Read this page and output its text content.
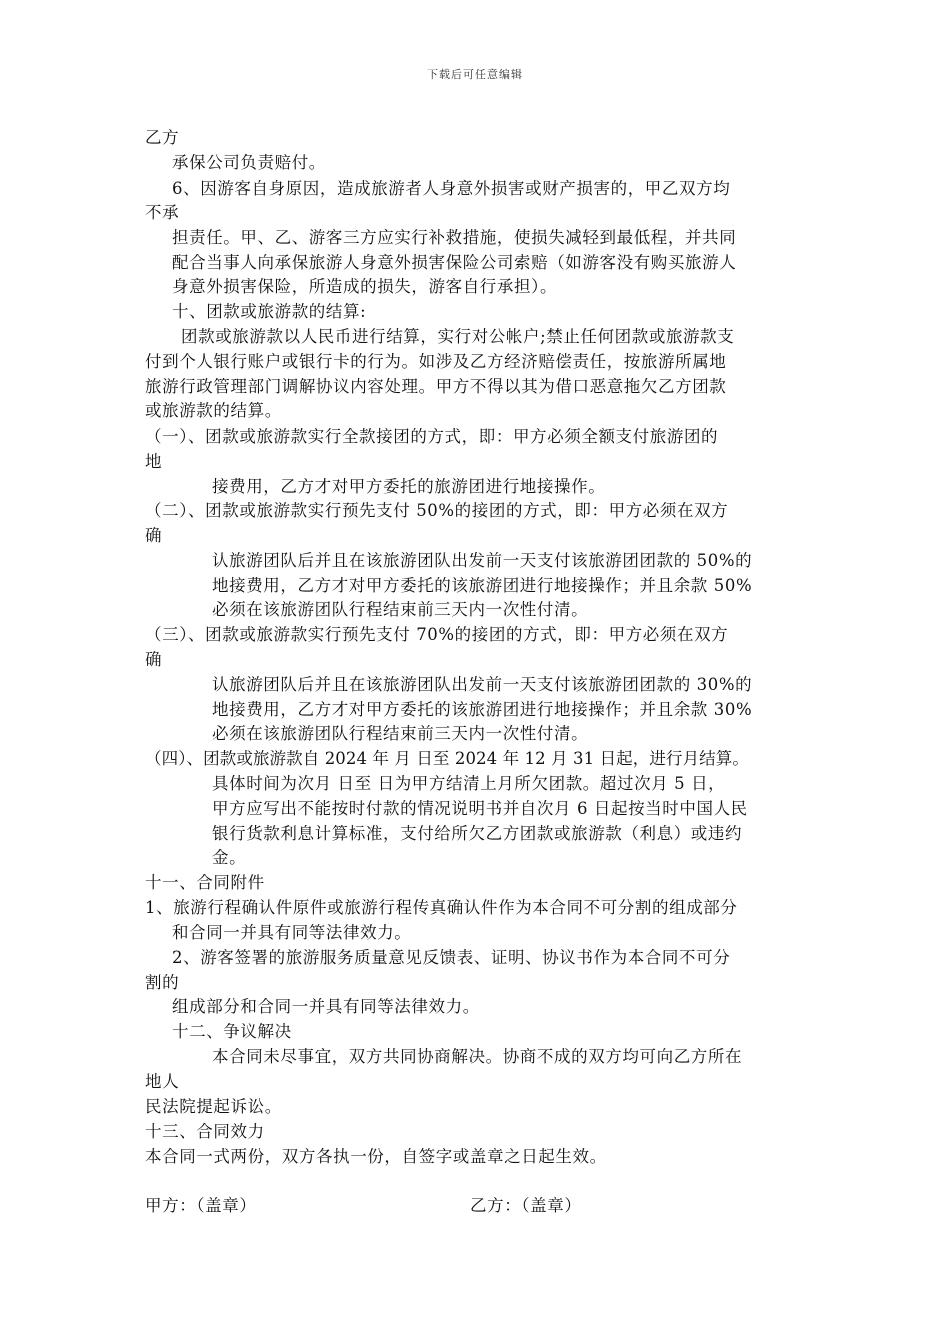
下载后可任意编辑
乙方
承保公司负责赔付。
6、因游客自身原因，造成旅游者人身意外损害或财产损害的，甲乙双方均
不承
担责任。甲、乙、游客三方应实行补救措施，使损失减轻到最低程，并共同
配合当事人向承保旅游人身意外损害保险公司索赔（如游客没有购买旅游人
身意外损害保险，所造成的损失，游客自行承担）。
十、团款或旅游款的结算:
团款或旅游款以人民币进行结算，实行对公帐户;禁止任何团款或旅游款支
付到个人银行账户或银行卡的行为。如涉及乙方经济赔偿责任，按旅游所属地
旅游行政管理部门调解协议内容处理。甲方不得以其为借口恶意拖欠乙方团款
或旅游款的结算。
（一）、团款或旅游款实行全款接团的方式，即：甲方必须全额支付旅游团的
地
接费用，乙方才对甲方委托的旅游团进行地接操作。
（二）、团款或旅游款实行预先支付 50%的接团的方式，即：甲方必须在双方
确
认旅游团队后并且在该旅游团队出发前一天支付该旅游团团款的 50%的
地接费用，乙方才对甲方委托的该旅游团进行地接操作；并且余款 50%
必须在该旅游团队行程结束前三天内一次性付清。
（三）、团款或旅游款实行预先支付 70%的接团的方式，即：甲方必须在双方
确
认旅游团队后并且在该旅游团队出发前一天支付该旅游团团款的 30%的
地接费用，乙方才对甲方委托的该旅游团进行地接操作；并且余款 30%
必须在该旅游团队行程结束前三天内一次性付清。
（四）、团款或旅游款自 2024 年 月 日至 2024 年 12 月 31 日起，进行月结算。
具体时间为次月 日至 日为甲方结清上月所欠团款。超过次月 5 日，
甲方应写出不能按时付款的情况说明书并自次月 6 日起按当时中国人民
银行货款利息计算标准，支付给所欠乙方团款或旅游款（利息）或违约
金。
十一、合同附件
1、旅游行程确认件原件或旅游行程传真确认件作为本合同不可分割的组成部分
和合同一并具有同等法律效力。
2、游客签署的旅游服务质量意见反馈表、证明、协议书作为本合同不可分
割的
组成部分和合同一并具有同等法律效力。
十二、争议解决
本合同未尽事宜，双方共同协商解决。协商不成的双方均可向乙方所在
地人
民法院提起诉讼。
十三、合同效力
本合同一式两份，双方各执一份，自签字或盖章之日起生效。
甲方：（盖章）	乙方：（盖章）
